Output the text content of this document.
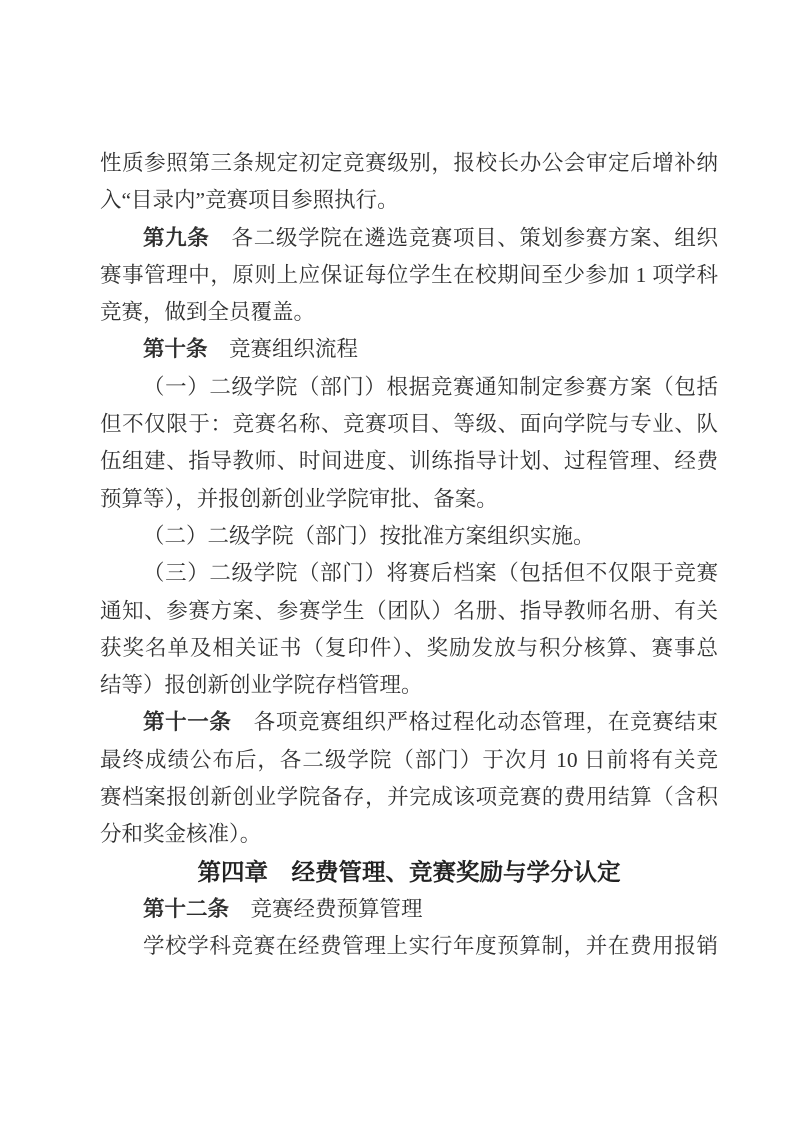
性质参照第三条规定初定竞赛级别，报校长办公会审定后增补纳
入“目录内”竞赛项目参照执行。
第九条　各二级学院在遴选竞赛项目、策划参赛方案、组织
赛事管理中，原则上应保证每位学生在校期间至少参加 1 项学科
竞赛，做到全员覆盖。
第十条　竞赛组织流程
（一）二级学院（部门）根据竞赛通知制定参赛方案（包括
但不仅限于：竞赛名称、竞赛项目、等级、面向学院与专业、队
伍组建、指导教师、时间进度、训练指导计划、过程管理、经费
预算等），并报创新创业学院审批、备案。
（二）二级学院（部门）按批准方案组织实施。
（三）二级学院（部门）将赛后档案（包括但不仅限于竞赛
通知、参赛方案、参赛学生（团队）名册、指导教师名册、有关
获奖名单及相关证书（复印件）、奖励发放与积分核算、赛事总
结等）报创新创业学院存档管理。
第十一条　各项竞赛组织严格过程化动态管理，在竞赛结束
最终成绩公布后，各二级学院（部门）于次月 10 日前将有关竞
赛档案报创新创业学院备存，并完成该项竞赛的费用结算（含积
分和奖金核准）。
第四章　经费管理、竞赛奖励与学分认定
第十二条　竞赛经费预算管理
学校学科竞赛在经费管理上实行年度预算制，并在费用报销
